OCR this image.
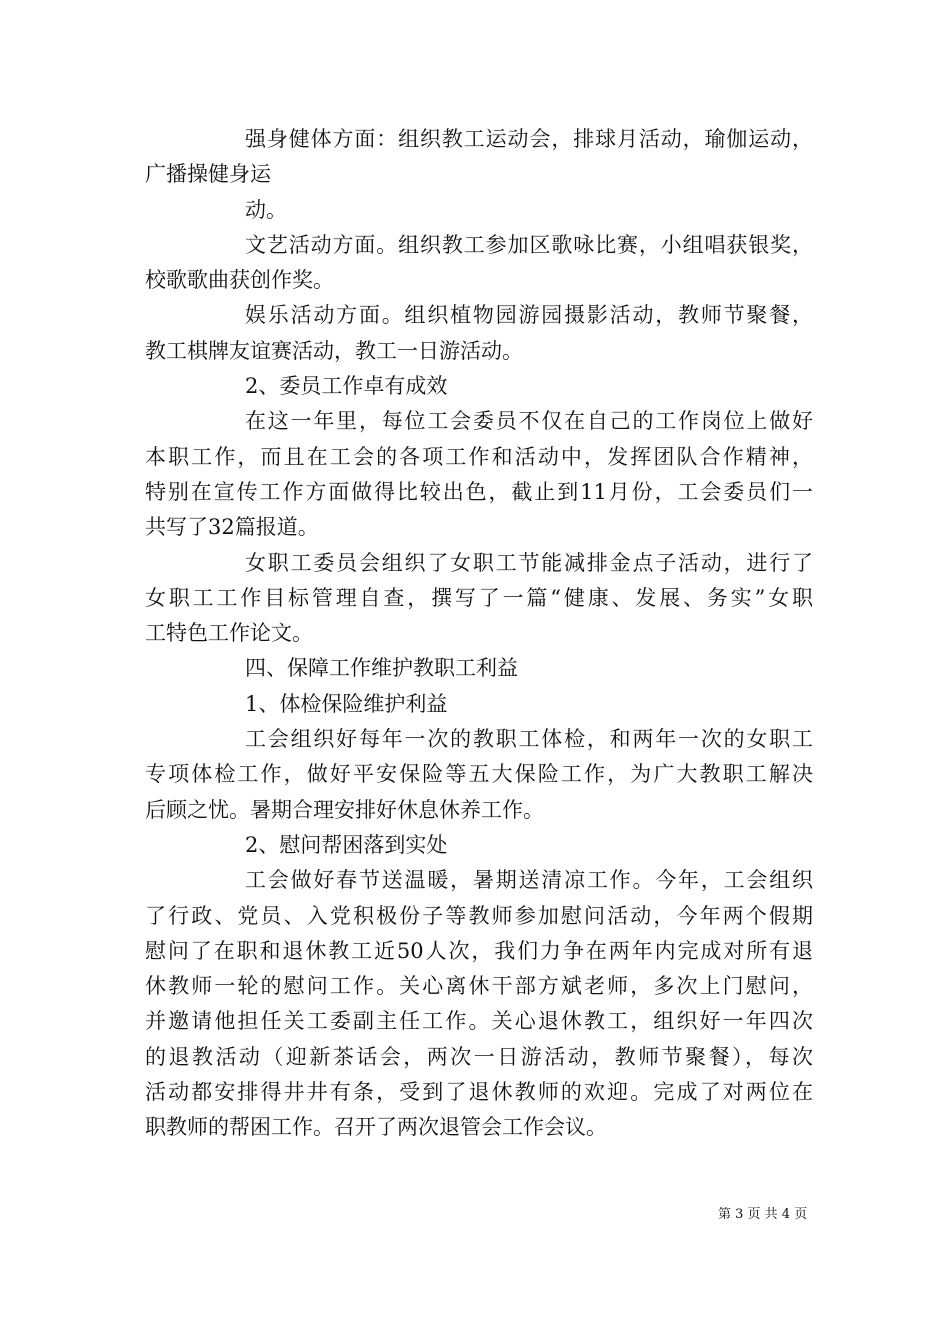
强身健体方面：组织教工运动会，排球月活动，瑜伽运动，
广播操健身运
动。
文艺活动方面。组织教工参加区歌咏比赛，小组唱获银奖，
校歌歌曲获创作奖。
娱乐活动方面。组织植物园游园摄影活动，教师节聚餐，
教工棋牌友谊赛活动，教工一日游活动。
2、委员工作卓有成效
在这一年里，每位工会委员不仅在自己的工作岗位上做好
本职工作，而且在工会的各项工作和活动中，发挥团队合作精神，
特别在宣传工作方面做得比较出色，截止到11月份，工会委员们一
共写了32篇报道。
女职工委员会组织了女职工节能减排金点子活动，进行了
女职工工作目标管理自查，撰写了一篇“健康、发展、务实”女职
工特色工作论文。
四、保障工作维护教职工利益
1、体检保险维护利益
工会组织好每年一次的教职工体检，和两年一次的女职工
专项体检工作，做好平安保险等五大保险工作，为广大教职工解决
后顾之忧。暑期合理安排好休息休养工作。
2、慰问帮困落到实处
工会做好春节送温暖，暑期送清凉工作。今年，工会组织
了行政、党员、入党积极份子等教师参加慰问活动，今年两个假期
慰问了在职和退休教工近50人次，我们力争在两年内完成对所有退
休教师一轮的慰问工作。关心离休干部方斌老师，多次上门慰问，
并邀请他担任关工委副主任工作。关心退休教工，组织好一年四次
的退教活动（迎新茶话会，两次一日游活动，教师节聚餐），每次
活动都安排得井井有条，受到了退休教师的欢迎。完成了对两位在
职教师的帮困工作。召开了两次退管会工作会议。
第 3 页 共 4 页
